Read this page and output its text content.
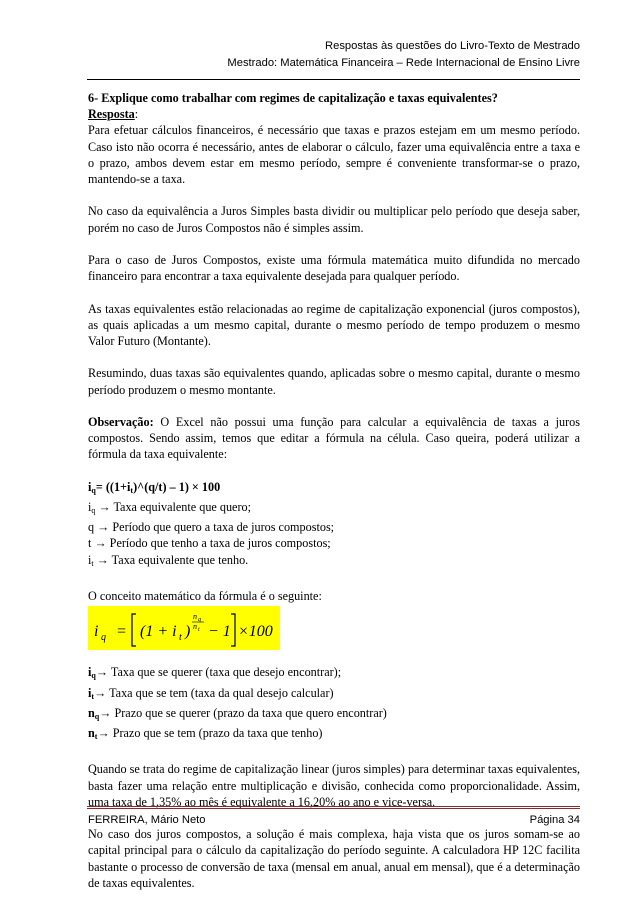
Respostas às questões do Livro-Texto de Mestrado
Mestrado: Matemática Financeira – Rede Internacional de Ensino Livre

6- Explique como trabalhar com regimes de capitalização e taxas equivalentes?

Resposta:

Para efetuar cálculos financeiros, é necessário que taxas e prazos estejam em um mesmo período. Caso isto não ocorra é necessário, antes de elaborar o cálculo, fazer uma equivalência entre a taxa e o prazo, ambos devem estar em mesmo período, sempre é conveniente transformar-se o prazo, mantendo-se a taxa.

No caso da equivalência a Juros Simples basta dividir ou multiplicar pelo período que deseja saber, porém no caso de Juros Compostos não é simples assim.

Para o caso de Juros Compostos, existe uma fórmula matemática muito difundida no mercado financeiro para encontrar a taxa equivalente desejada para qualquer período.

As taxas equivalentes estão relacionadas ao regime de capitalização exponencial (juros compostos), as quais aplicadas a um mesmo capital, durante o mesmo período de tempo produzem o mesmo Valor Futuro (Montante).

Resumindo, duas taxas são equivalentes quando, aplicadas sobre o mesmo capital, durante o mesmo período produzem o mesmo montante.

Observação: O Excel não possui uma função para calcular a equivalência de taxas a juros compostos. Sendo assim, temos que editar a fórmula na célula. Caso queira, poderá utilizar a fórmula da taxa equivalente:

$i_q=$ $((1+i_t)\^{}(q/t) - 1) \times 100$

$i_q$ → Taxa equivalente que quero;
q → Período que quero a taxa de juros compostos;
t → Período que tenho a taxa de juros compostos;
$i_t$ → Taxa equivalente que tenho.

O conceito matemático da fórmula é o seguinte:

i q = (1 + i t )
n q
n t − 1 ×100
$i_q\to$ Taxa que se querer (taxa que desejo encontrar);
$i_t\to$ Taxa que se tem (taxa da qual desejo calcular)
$n_q\to$ Prazo que se querer (prazo da taxa que quero encontrar)
$n_t\to$ Prazo que se tem (prazo da taxa que tenho)

Quando se trata do regime de capitalização linear (juros simples) para determinar taxas equivalentes, basta fazer uma relação entre multiplicação e divisão, conhecida como proporcionalidade. Assim, uma taxa de 1,35% ao mês é equivalente a 16,20% ao ano e vice-versa.

No caso dos juros compostos, a solução é mais complexa, haja vista que os juros somam-se ao capital principal para o cálculo da capitalização do período seguinte. A calculadora HP 12C facilita bastante o processo de conversão de taxa (mensal em anual, anual em mensal), que é a determinação de taxas equivalentes.

FERREIRA, Mário Neto	Página 34
